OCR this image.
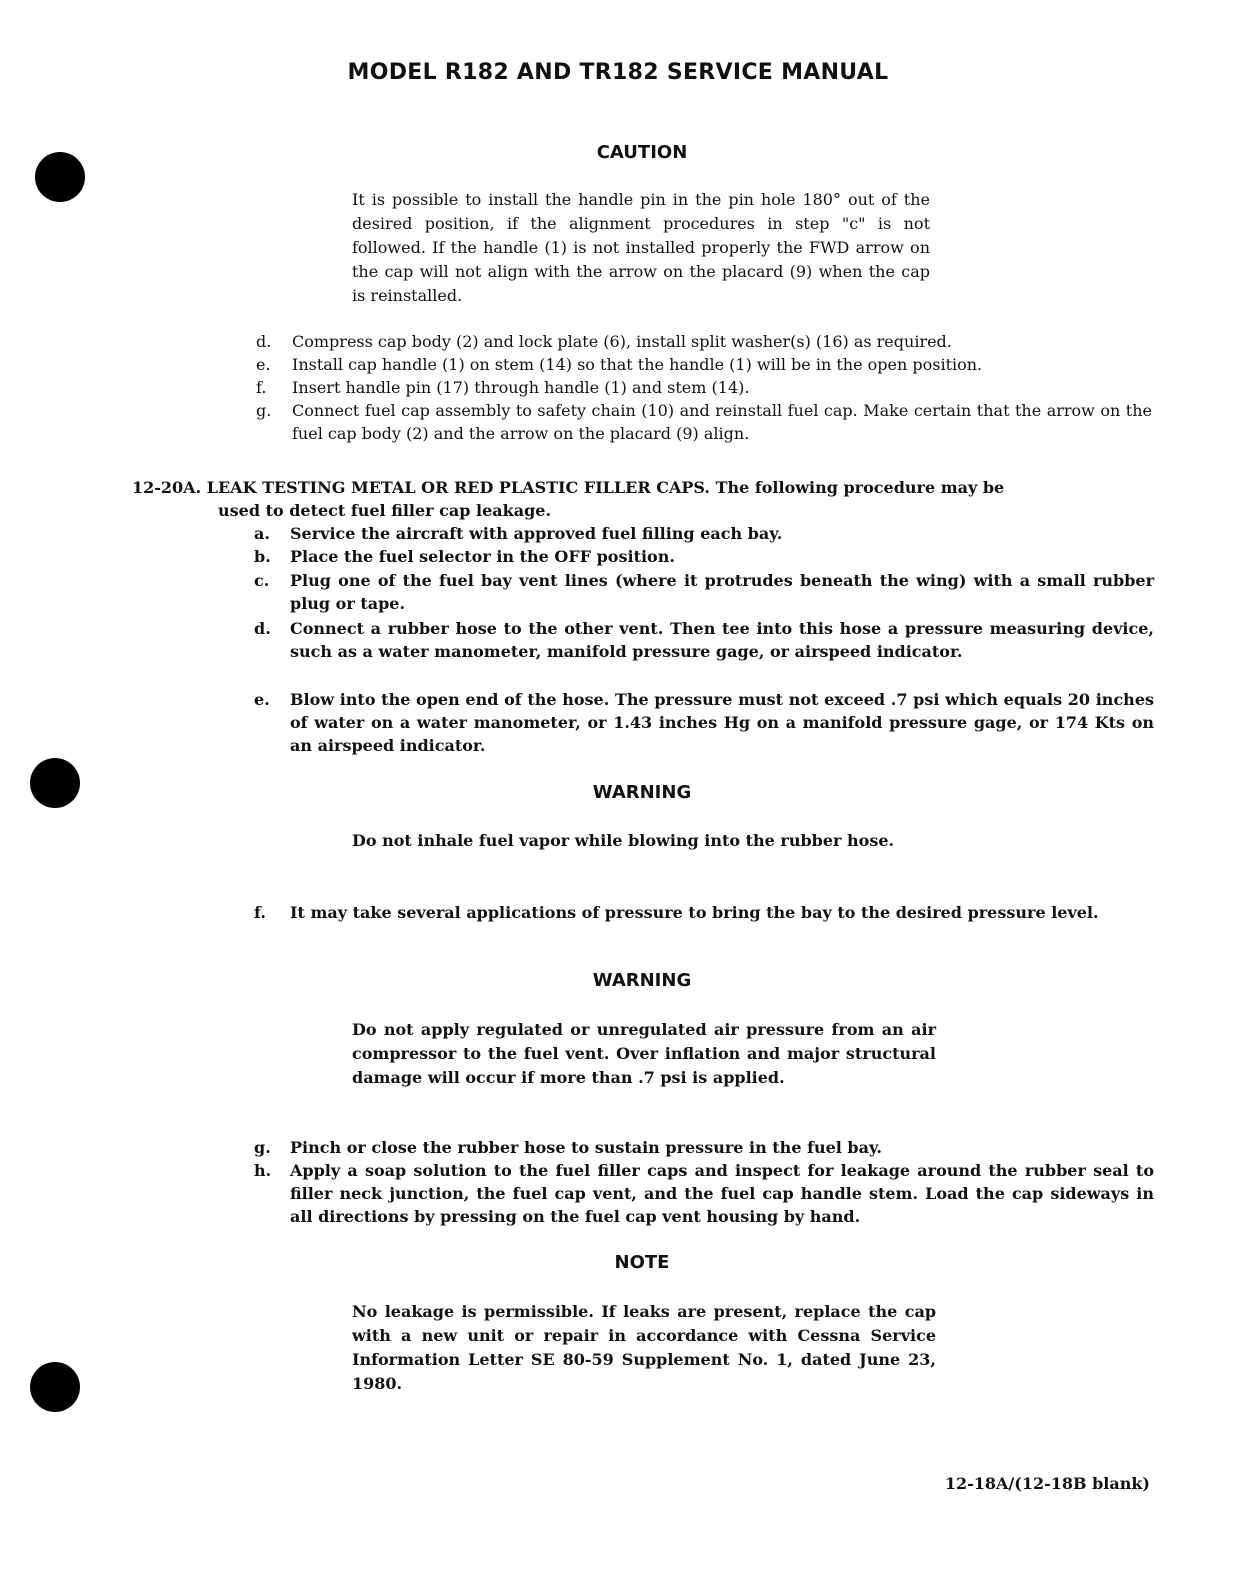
MODEL R182 AND TR182 SERVICE MANUAL
CAUTION
It is possible to install the handle pin in the pin hole 180° out of the desired position, if the alignment procedures in step "c" is not followed. If the handle (1) is not installed properly the FWD arrow on the cap will not align with the arrow on the placard (9) when the cap is reinstalled.
d. Compress cap body (2) and lock plate (6), install split washer(s) (16) as required.
e. Install cap handle (1) on stem (14) so that the handle (1) will be in the open position.
f. Insert handle pin (17) through handle (1) and stem (14).
g. Connect fuel cap assembly to safety chain (10) and reinstall fuel cap. Make certain that the arrow on the fuel cap body (2) and the arrow on the placard (9) align.
12-20A. LEAK TESTING METAL OR RED PLASTIC FILLER CAPS. The following procedure may be
used to detect fuel filler cap leakage.
a. Service the aircraft with approved fuel filling each bay.
b. Place the fuel selector in the OFF position.
c. Plug one of the fuel bay vent lines (where it protrudes beneath the wing) with a small rubber plug or tape.
d. Connect a rubber hose to the other vent. Then tee into this hose a pressure measuring device, such as a water manometer, manifold pressure gage, or airspeed indicator.
e. Blow into the open end of the hose. The pressure must not exceed .7 psi which equals 20 inches of water on a water manometer, or 1.43 inches Hg on a manifold pressure gage, or 174 Kts on an airspeed indicator.
WARNING
Do not inhale fuel vapor while blowing into the rubber hose.
f. It may take several applications of pressure to bring the bay to the desired pressure level.
WARNING
Do not apply regulated or unregulated air pressure from an air compressor to the fuel vent. Over inflation and major structural damage will occur if more than .7 psi is applied.
g. Pinch or close the rubber hose to sustain pressure in the fuel bay.
h. Apply a soap solution to the fuel filler caps and inspect for leakage around the rubber seal to filler neck junction, the fuel cap vent, and the fuel cap handle stem. Load the cap sideways in all directions by pressing on the fuel cap vent housing by hand.
NOTE
No leakage is permissible. If leaks are present, replace the cap with a new unit or repair in accordance with Cessna Service Information Letter SE 80-59 Supplement No. 1, dated June 23, 1980.
12-18A/(12-18B blank)
